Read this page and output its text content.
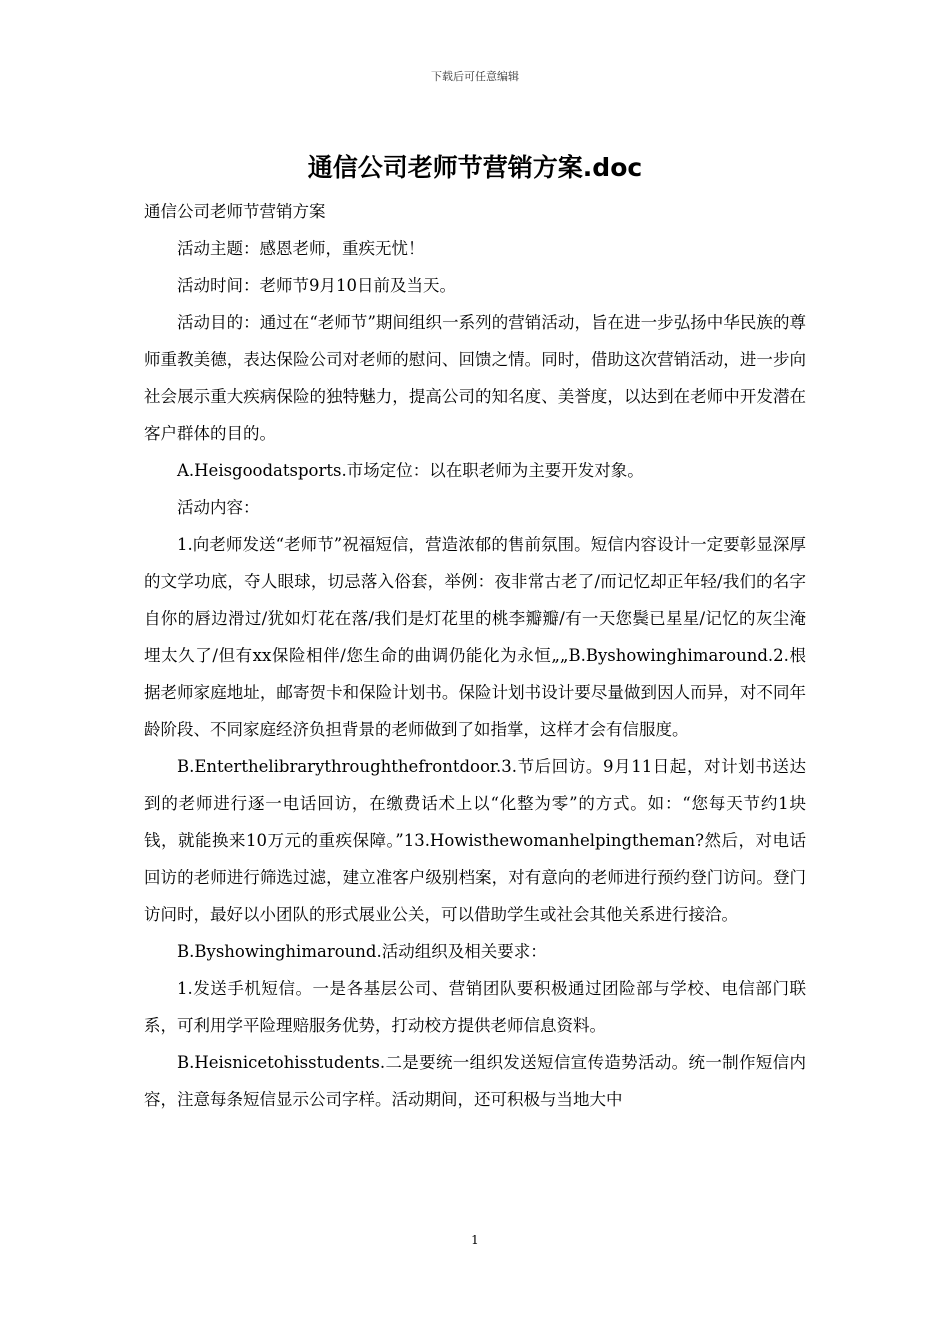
下载后可任意编辑
通信公司老师节营销方案.doc

通信公司老师节营销方案

活动主题：感恩老师，重疾无忧！

活动时间：老师节9月10日前及当天。

活动目的：通过在“老师节”期间组织一系列的营销活动，旨在进一步弘扬中华民族的尊师重教美德，表达保险公司对老师的慰问、回馈之情。同时，借助这次营销活动，进一步向社会展示重大疾病保险的独特魅力，提高公司的知名度、美誉度，以达到在老师中开发潜在客户群体的目的。

A.Heisgoodatsports.市场定位：以在职老师为主要开发对象。

活动内容：

1.向老师发送“老师节”祝福短信，营造浓郁的售前氛围。短信内容设计一定要彰显深厚的文学功底，夺人眼球，切忌落入俗套，举例：夜非常古老了/而记忆却正年轻/我们的名字自你的唇边滑过/犹如灯花在落/我们是灯花里的桃李瓣瓣/有一天您鬓已星星/记忆的灰尘淹埋太久了/但有xx保险相伴/您生命的曲调仍能化为永恒„„B.Byshowinghimaround.2.根据老师家庭地址，邮寄贺卡和保险计划书。保险计划书设计要尽量做到因人而异，对不同年龄阶段、不同家庭经济负担背景的老师做到了如指掌，这样才会有信服度。

B.Enterthelibrarythroughthefrontdoor.3.节后回访。9月11日起，对计划书送达到的老师进行逐一电话回访，在缴费话术上以“化整为零”的方式。如：“您每天节约1块钱，就能换来10万元的重疾保障。”13.Howisthewomanhelpingtheman?然后，对电话回访的老师进行筛选过滤，建立准客户级别档案，对有意向的老师进行预约登门访问。登门访问时，最好以小团队的形式展业公关，可以借助学生或社会其他关系进行接洽。

B.Byshowinghimaround.活动组织及相关要求：

1.发送手机短信。一是各基层公司、营销团队要积极通过团险部与学校、电信部门联系，可利用学平险理赔服务优势，打动校方提供老师信息资料。

B.Heisnicetohisstudents.二是要统一组织发送短信宣传造势活动。统一制作短信内容，注意每条短信显示公司字样。活动期间，还可积极与当地大中

1
